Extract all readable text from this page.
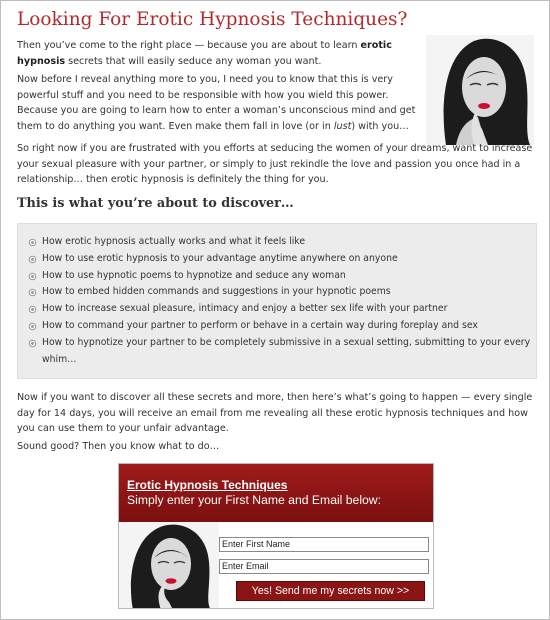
Looking For Erotic Hypnosis Techniques?

Then you’ve come to the right place — because you are about to learn erotic hypnosis secrets that will easily seduce any woman you want.

Now before I reveal anything more to you, I need you to know that this is very powerful stuff and you need to be responsible with how you wield this power. Because you are going to learn how to enter a woman’s unconscious mind and get them to do anything you want. Even make them fall in love (or in lust) with you…

So right now if you are frustrated with you efforts at seducing the women of your dreams, want to increase your sexual pleasure with your partner, or simply to just rekindle the love and passion you once had in a relationship… then erotic hypnosis is definitely the thing for you.

This is what you’re about to discover…
How erotic hypnosis actually works and what it feels like
How to use erotic hypnosis to your advantage anytime anywhere on anyone
How to use hypnotic poems to hypnotize and seduce any woman
How to embed hidden commands and suggestions in your hypnotic poems
How to increase sexual pleasure, intimacy and enjoy a better sex life with your partner
How to command your partner to perform or behave in a certain way during foreplay and sex
How to hypnotize your partner to be completely submissive in a sexual setting, submitting to your every whim…

Now if you want to discover all these secrets and more, then here’s what’s going to happen — every single day for 14 days, you will receive an email from me revealing all these erotic hypnosis techniques and how you can use them to your unfair advantage.

Sound good? Then you know what to do…

Erotic Hypnosis Techniques
Simply enter your First Name and Email below:
Enter First Name
Enter Email
Yes! Send me my secrets now >>
